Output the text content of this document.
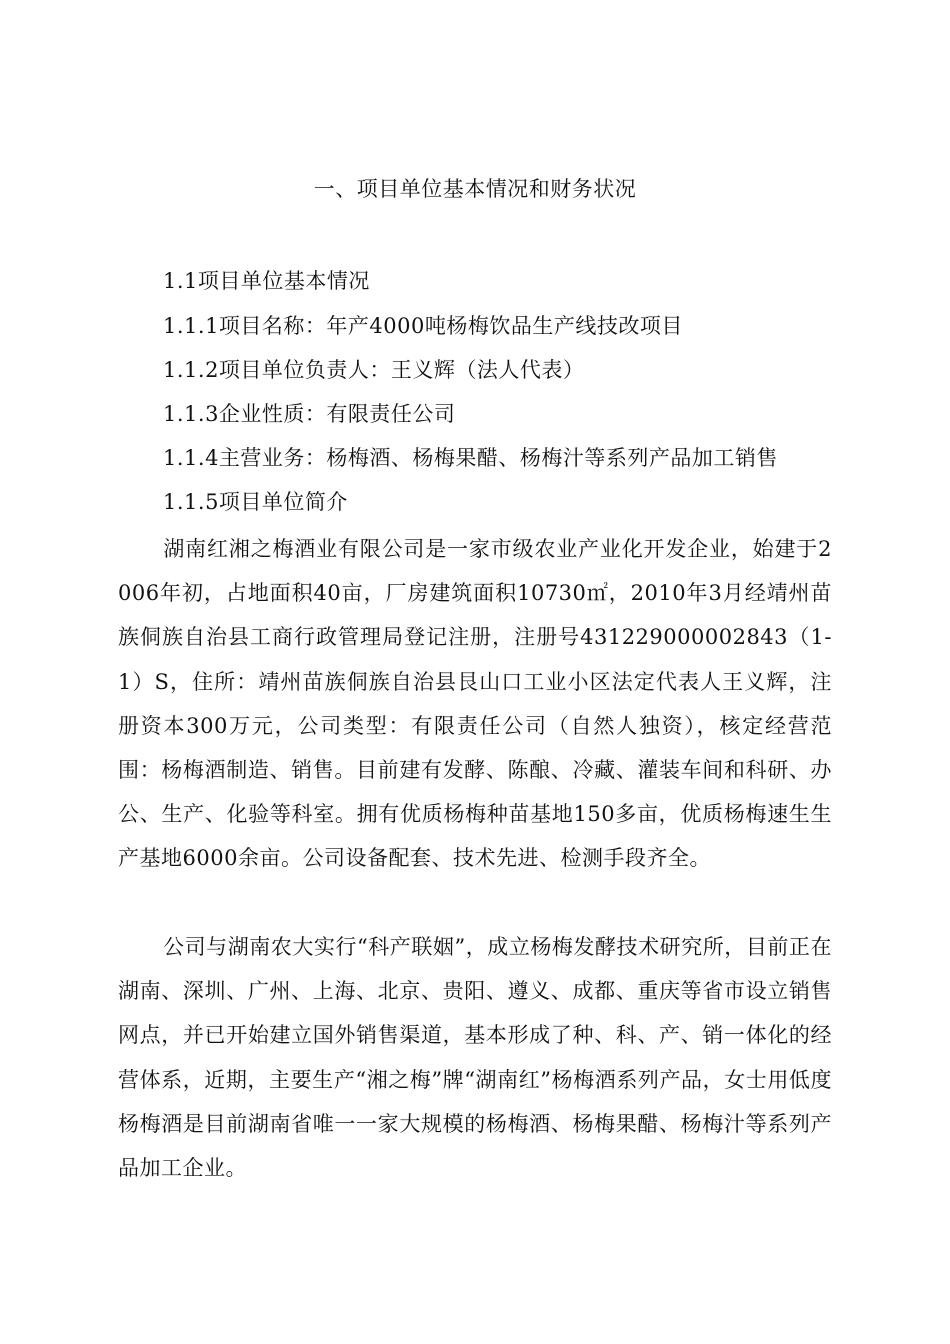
一、项目单位基本情况和财务状况
1.1项目单位基本情况
1.1.1项目名称：年产4000吨杨梅饮品生产线技改项目
1.1.2项目单位负责人：王义辉（法人代表）
1.1.3企业性质：有限责任公司
1.1.4主营业务：杨梅酒、杨梅果醋、杨梅汁等系列产品加工销售
1.1.5项目单位简介
湖南红湘之梅酒业有限公司是一家市级农业产业化开发企业，始建于2006年初，占地面积40亩，厂房建筑面积10730㎡，2010年3月经靖州苗族侗族自治县工商行政管理局登记注册，注册号431229000002843（1-1）S，住所：靖州苗族侗族自治县艮山口工业小区法定代表人王义辉，注册资本300万元，公司类型：有限责任公司（自然人独资），核定经营范围：杨梅酒制造、销售。目前建有发酵、陈酿、冷藏、灌装车间和科研、办公、生产、化验等科室。拥有优质杨梅种苗基地150多亩，优质杨梅速生生产基地6000余亩。公司设备配套、技术先进、检测手段齐全。
公司与湖南农大实行“科产联姻”，成立杨梅发酵技术研究所，目前正在湖南、深圳、广州、上海、北京、贵阳、遵义、成都、重庆等省市设立销售网点，并已开始建立国外销售渠道，基本形成了种、科、产、销一体化的经营体系，近期，主要生产“湘之梅”牌“湖南红”杨梅酒系列产品，女士用低度杨梅酒是目前湖南省唯一一家大规模的杨梅酒、杨梅果醋、杨梅汁等系列产品加工企业。
